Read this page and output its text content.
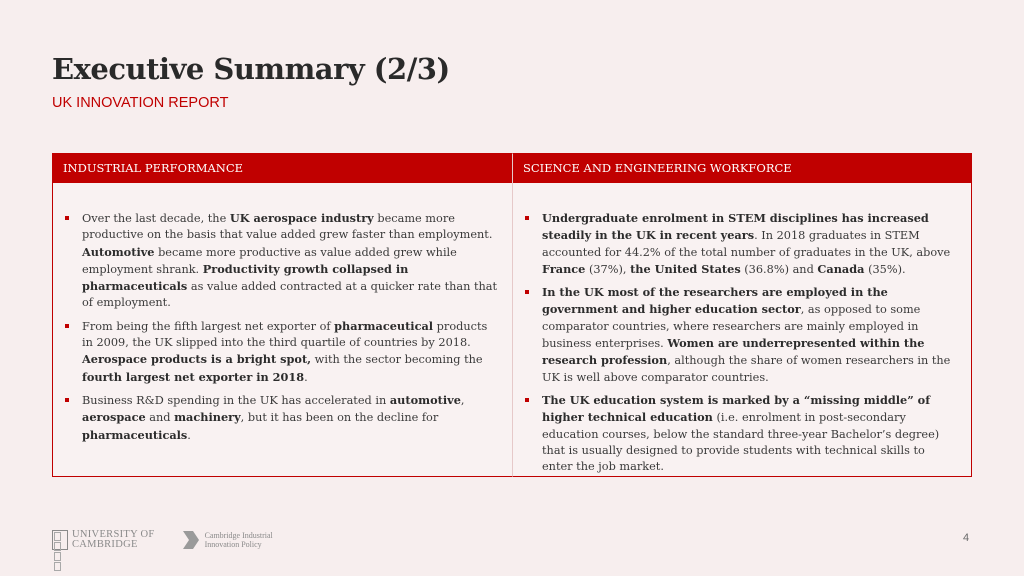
Executive Summary (2/3)
UK INNOVATION REPORT
INDUSTRIAL PERFORMANCE
Over the last decade, the UK aerospace industry became more productive on the basis that value added grew faster than employment. Automotive became more productive as value added grew while employment shrank. Productivity growth collapsed in pharmaceuticals as value added contracted at a quicker rate than that of employment.
From being the fifth largest net exporter of pharmaceutical products in 2009, the UK slipped into the third quartile of countries by 2018. Aerospace products is a bright spot, with the sector becoming the fourth largest net exporter in 2018.
Business R&D spending in the UK has accelerated in automotive, aerospace and machinery, but it has been on the decline for pharmaceuticals.
SCIENCE AND ENGINEERING WORKFORCE
Undergraduate enrolment in STEM disciplines has increased steadily in the UK in recent years. In 2018 graduates in STEM accounted for 44.2% of the total number of graduates in the UK, above France (37%), the United States (36.8%) and Canada (35%).
In the UK most of the researchers are employed in the government and higher education sector, as opposed to some comparator countries, where researchers are mainly employed in business enterprises. Women are underrepresented within the research profession, although the share of women researchers in the UK is well above comparator countries.
The UK education system is marked by a “missing middle” of higher technical education (i.e. enrolment in post-secondary education courses, below the standard three-year Bachelor’s degree) that is usually designed to provide students with technical skills to enter the job market.
UNIVERSITY OF
CAMBRIDGE
Cambridge Industrial
Innovation Policy
4
